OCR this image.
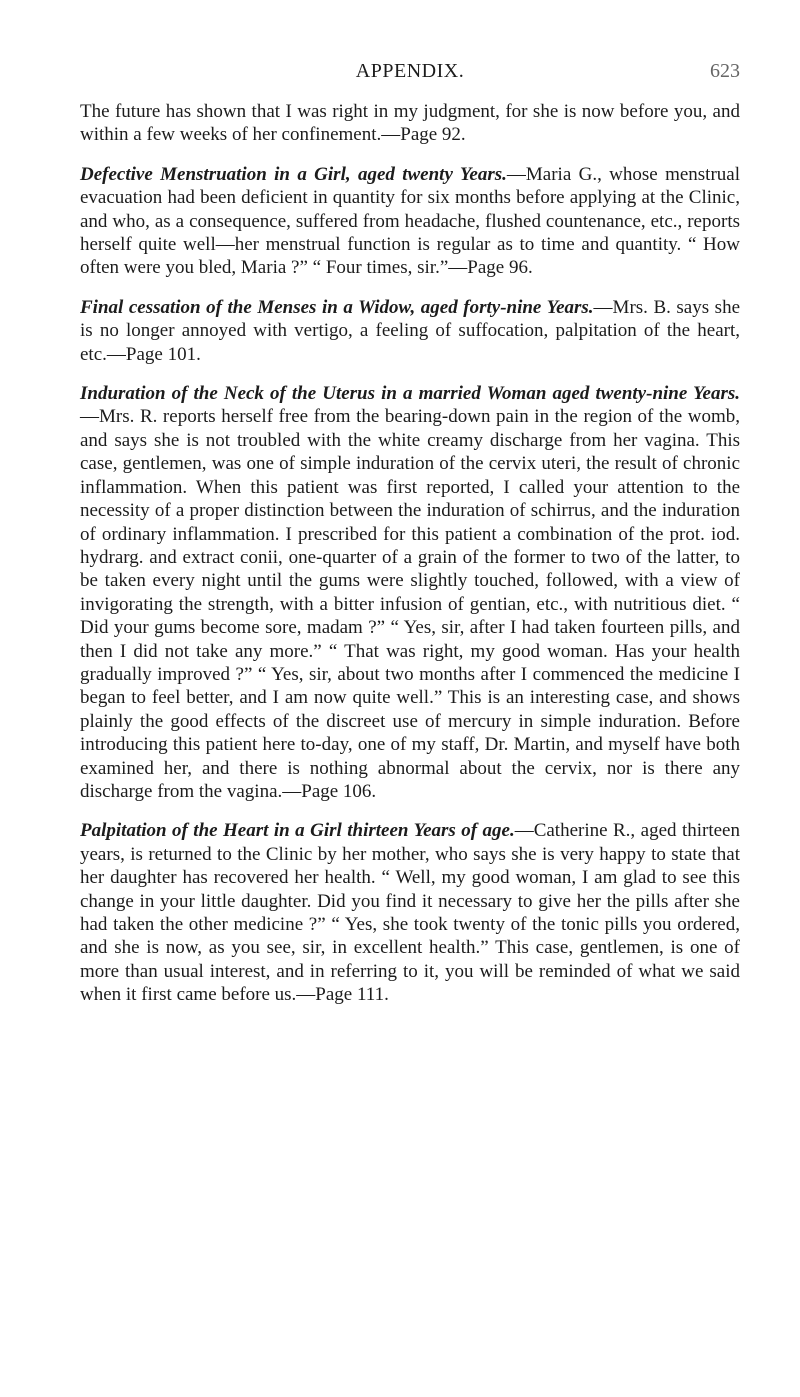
APPENDIX.	623

The future has shown that I was right in my judgment, for she is now before you, and within a few weeks of her confinement.—Page 92.

Defective Menstruation in a Girl, aged twenty Years.—Maria G., whose menstrual evacuation had been deficient in quantity for six months before applying at the Clinic, and who, as a consequence, suffered from headache, flushed countenance, etc., reports herself quite well—her menstrual function is regular as to time and quantity. “ How often were you bled, Maria ?” “ Four times, sir.”—Page 96.

Final cessation of the Menses in a Widow, aged forty-nine Years.—Mrs. B. says she is no longer annoyed with vertigo, a feeling of suffocation, palpitation of the heart, etc.—Page 101.

Induration of the Neck of the Uterus in a married Woman aged twenty-nine Years.—Mrs. R. reports herself free from the bearing-down pain in the region of the womb, and says she is not troubled with the white creamy discharge from her vagina. This case, gentlemen, was one of simple induration of the cervix uteri, the result of chronic inflammation. When this patient was first reported, I called your attention to the necessity of a proper distinction between the induration of schirrus, and the induration of ordinary inflammation. I prescribed for this patient a combination of the prot. iod. hydrarg. and extract conii, one-quarter of a grain of the former to two of the latter, to be taken every night until the gums were slightly touched, followed, with a view of invigorating the strength, with a bitter infusion of gentian, etc., with nutritious diet. “ Did your gums become sore, madam ?” “ Yes, sir, after I had taken fourteen pills, and then I did not take any more.” “ That was right, my good woman. Has your health gradually improved ?” “ Yes, sir, about two months after I commenced the medicine I began to feel better, and I am now quite well.” This is an interesting case, and shows plainly the good effects of the discreet use of mercury in simple induration. Before introducing this patient here to-day, one of my staff, Dr. Martin, and myself have both examined her, and there is nothing abnormal about the cervix, nor is there any discharge from the vagina.—Page 106.

Palpitation of the Heart in a Girl thirteen Years of age.—Catherine R., aged thirteen years, is returned to the Clinic by her mother, who says she is very happy to state that her daughter has recovered her health. “ Well, my good woman, I am glad to see this change in your little daughter. Did you find it necessary to give her the pills after she had taken the other medicine ?” “ Yes, she took twenty of the tonic pills you ordered, and she is now, as you see, sir, in excellent health.” This case, gentlemen, is one of more than usual interest, and in referring to it, you will be reminded of what we said when it first came before us.—Page 111.
